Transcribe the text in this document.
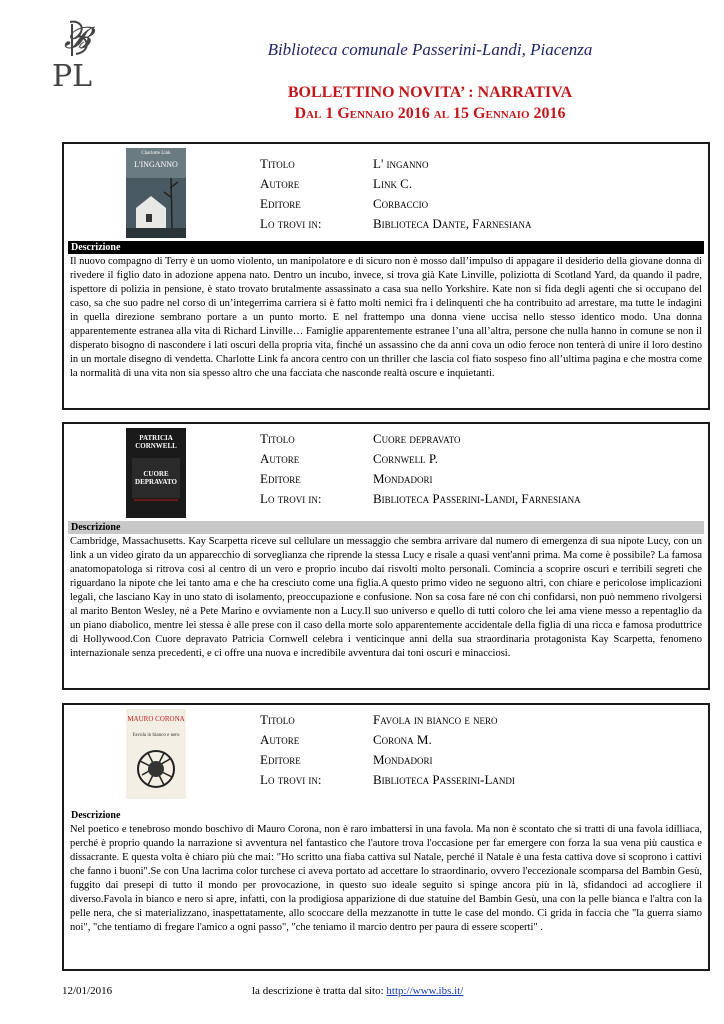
𝓑
PL
Biblioteca comunale Passerini-Landi, Piacenza
BOLLETTINO NOVITA’ : NARRATIVA
Dal 1 Gennaio 2016 al 15 Gennaio 2016
Charlotte Link
L'INGANNO	Titolo	L' inganno
Autore	Link C.
Editore	Corbaccio
Lo trovi in:	Biblioteca Dante, Farnesiana
Descrizione
Il nuovo compagno di Terry è un uomo violento, un manipolatore e di sicuro non è mosso dall’impulso di appagare il desiderio della giovane donna di rivedere il figlio dato in adozione appena nato. Dentro un incubo, invece, si trova già Kate Linville, poliziotta di Scotland Yard, da quando il padre, ispettore di polizia in pensione, è stato trovato brutalmente assassinato a casa sua nello Yorkshire. Kate non si fida degli agenti che si occupano del caso, sa che suo padre nel corso di un’integerrima carriera si è fatto molti nemici fra i delinquenti che ha contribuito ad arrestare, ma tutte le indagini in quella direzione sembrano portare a un punto morto. E nel frattempo una donna viene uccisa nello stesso identico modo. Una donna apparentemente estranea alla vita di Richard Linville… Famiglie apparentemente estranee l’una all’altra, persone che nulla hanno in comune se non il disperato bisogno di nascondere i lati oscuri della propria vita, finché un assassino che da anni cova un odio feroce non tenterà di unire il loro destino in un mortale disegno di vendetta. Charlotte Link fa ancora centro con un thriller che lascia col fiato sospeso fino all’ultima pagina e che mostra come la normalità di una vita non sia spesso altro che una facciata che nasconde realtà oscure e inquietanti.
PATRICIA CORNWELL
CUORE DEPRAVATO
Titolo	Cuore depravato
Autore	Cornwell P.
Editore	Mondadori
Lo trovi in:	Biblioteca Passerini-Landi, Farnesiana
Descrizione
Cambridge, Massachusetts. Kay Scarpetta riceve sul cellulare un messaggio che sembra arrivare dal numero di emergenza di sua nipote Lucy, con un link a un video girato da un apparecchio di sorveglianza che riprende la stessa Lucy e risale a quasi vent'anni prima. Ma come è possibile? La famosa anatomopatologa si ritrova così al centro di un vero e proprio incubo dai risvolti molto personali. Comincia a scoprire oscuri e terribili segreti che riguardano la nipote che lei tanto ama e che ha cresciuto come una figlia.A questo primo video ne seguono altri, con chiare e pericolose implicazioni legali, che lasciano Kay in uno stato di isolamento, preoccupazione e confusione. Non sa cosa fare né con chi confidarsi, non può nemmeno rivolgersi al marito Benton Wesley, né a Pete Marino e ovviamente non a Lucy.Il suo universo e quello di tutti coloro che lei ama viene messo a repentaglio da un piano diabolico, mentre lei stessa è alle prese con il caso della morte solo apparentemente accidentale della figlia di una ricca e famosa produttrice di Hollywood.Con Cuore depravato Patricia Cornwell celebra i venticinque anni della sua straordinaria protagonista Kay Scarpetta, fenomeno internazionale senza precedenti, e ci offre una nuova e incredibile avventura dai toni oscuri e minacciosi.
MAURO CORONA
Favola in bianco e nero
Titolo	Favola in bianco e nero
Autore	Corona M.
Editore	Mondadori
Lo trovi in:	Biblioteca Passerini-Landi
Descrizione
Nel poetico e tenebroso mondo boschivo di Mauro Corona, non è raro imbattersi in una favola. Ma non è scontato che si tratti di una favola idilliaca, perché è proprio quando la narrazione si avventura nel fantastico che l'autore trova l'occasione per far emergere con forza la sua vena più caustica e dissacrante. E questa volta è chiaro più che mai: "Ho scritto una fiaba cattiva sul Natale, perché il Natale è una festa cattiva dove si scoprono i cattivi che fanno i buoni".Se con Una lacrima color turchese ci aveva portato ad accettare lo straordinario, ovvero l'eccezionale scomparsa del Bambin Gesù, fuggito dai presepi di tutto il mondo per provocazione, in questo suo ideale seguito si spinge ancora più in là, sfidandoci ad accogliere il diverso.Favola in bianco e nero si apre, infatti, con la prodigiosa apparizione di due statuine del Bambin Gesù, una con la pelle bianca e l'altra con la pelle nera, che si materializzano, inaspettatamente, allo scoccare della mezzanotte in tutte le case del mondo. Ci grida in faccia che "la guerra siamo noi", "che tentiamo di fregare l'amico a ogni passo", "che teniamo il marcio dentro per paura di essere scoperti" .
12/01/2016	la descrizione è tratta dal sito: http://www.ibs.it/
